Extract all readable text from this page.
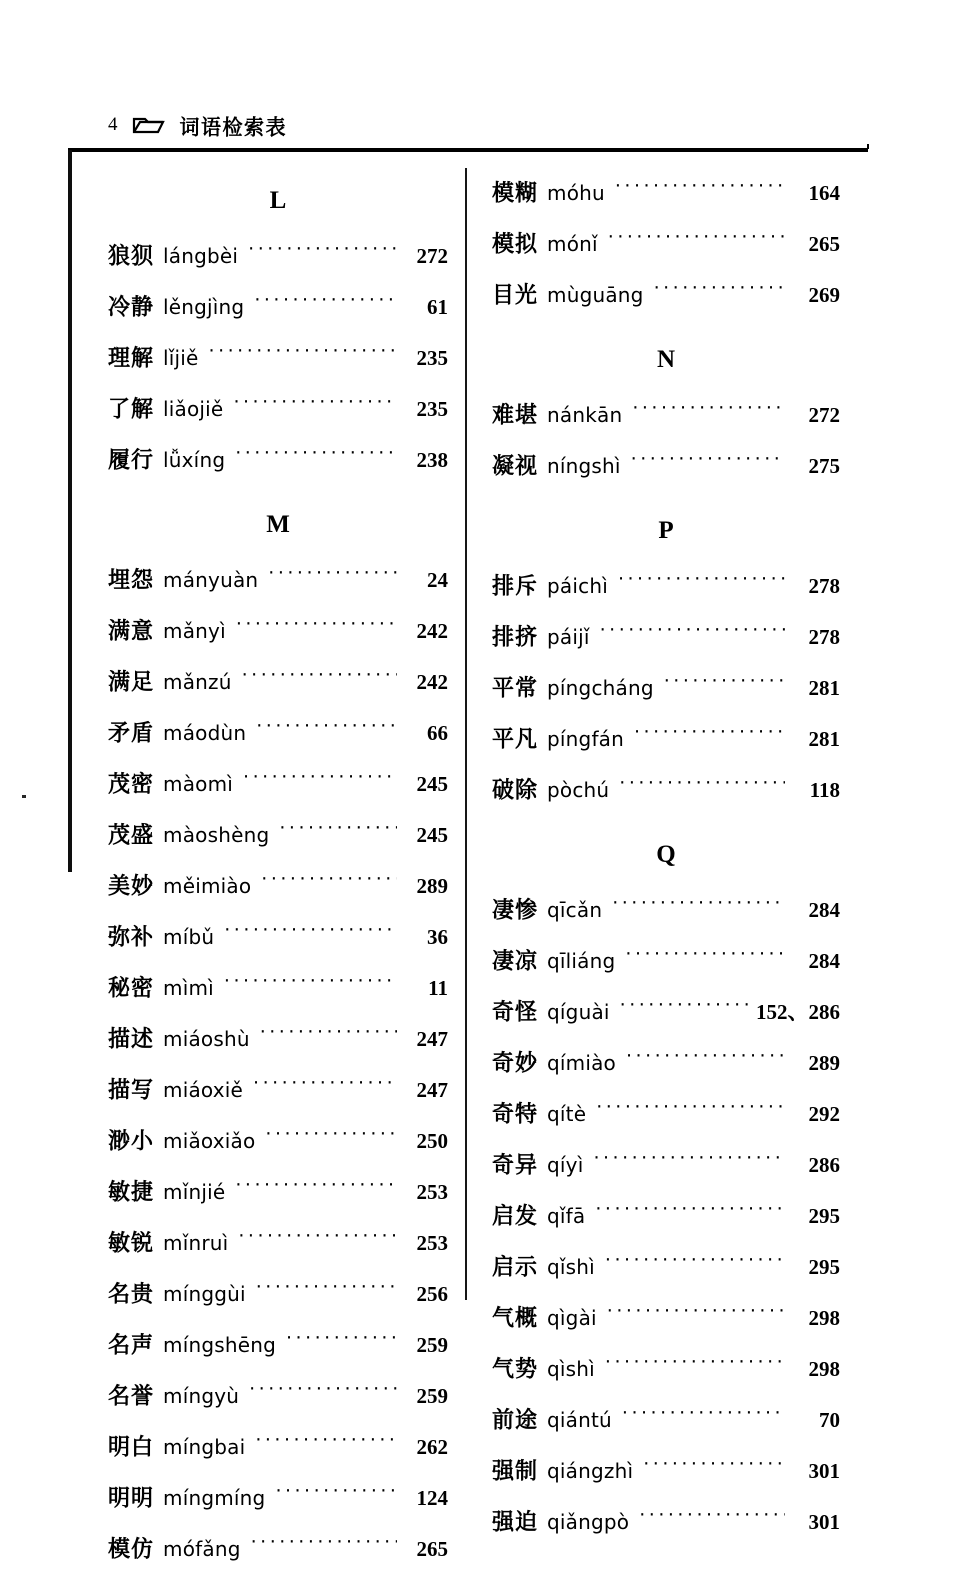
4	词语检索表
L
狼狈 lángbèi ·····	272
冷静 lěngjìng ·····	61
理解 lǐjiě ·····	235
了解 liǎojiě ·····	235
履行 lǚxíng ·····	238
M
埋怨 mányuàn ·····	24
满意 mǎnyì ·····	242
满足 mǎnzú ·····	242
矛盾 máodùn ·····	66
茂密 màomì ·····	245
茂盛 màoshèng ·····	245
美妙 měimiào ·····	289
弥补 míbǔ ·····	36
秘密 mìmì ·····	11
描述 miáoshù ·····	247
描写 miáoxiě ·····	247
渺小 miǎoxiǎo ·····	250
敏捷 mǐnjié ·····	253
敏锐 mǐnruì ·····	253
名贵 mínggùi ·····	256
名声 míngshēng ·····	259
名誉 míngyù ·····	259
明白 míngbai ·····	262
明明 míngmíng ·····	124
模仿 mófǎng ·····	265
模糊 móhu ·····	164
模拟 mónǐ ·····	265
目光 mùguāng ·····	269
N
难堪 nánkān ·····	272
凝视 níngshì ·····	275
P
排斥 páichì ·····	278
排挤 páijǐ ·····	278
平常 píngcháng ·····	281
平凡 píngfán ·····	281
破除 pòchú ·····	118
Q
凄惨 qīcǎn ·····	284
凄凉 qīliáng ·····	284
奇怪 qíguài ·····	152、286
奇妙 qímiào ·····	289
奇特 qítè ·····	292
奇异 qíyì ·····	286
启发 qǐfā ·····	295
启示 qǐshì ·····	295
气概 qìgài ·····	298
气势 qìshì ·····	298
前途 qiántú ·····	70
强制 qiángzhì ·····	301
强迫 qiǎngpò ·····	301
